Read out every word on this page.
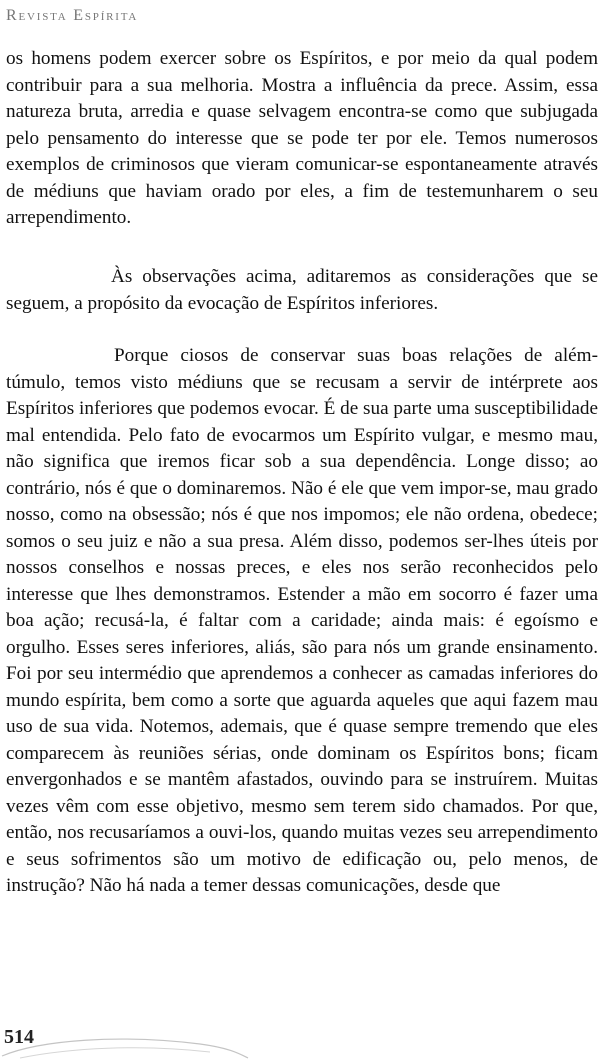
Revista Espírita
os homens podem exercer sobre os Espíritos, e por meio da qual podem contribuir para a sua melhoria. Mostra a influência da prece. Assim, essa natureza bruta, arredia e quase selvagem encontra-se como que subjugada pelo pensamento do interesse que se pode ter por ele. Temos numerosos exemplos de criminosos que vieram comunicar-se espontaneamente através de médiuns que haviam orado por eles, a fim de testemunharem o seu arrependimento.
Às observações acima, aditaremos as considerações que se seguem, a propósito da evocação de Espíritos inferiores.
Porque ciosos de conservar suas boas relações de além-túmulo, temos visto médiuns que se recusam a servir de intérprete aos Espíritos inferiores que podemos evocar. É de sua parte uma susceptibilidade mal entendida. Pelo fato de evocarmos um Espírito vulgar, e mesmo mau, não significa que iremos ficar sob a sua dependência. Longe disso; ao contrário, nós é que o dominaremos. Não é ele que vem impor-se, mau grado nosso, como na obsessão; nós é que nos impomos; ele não ordena, obedece; somos o seu juiz e não a sua presa. Além disso, podemos ser-lhes úteis por nossos conselhos e nossas preces, e eles nos serão reconhecidos pelo interesse que lhes demonstramos. Estender a mão em socorro é fazer uma boa ação; recusá-la, é faltar com a caridade; ainda mais: é egoísmo e orgulho. Esses seres inferiores, aliás, são para nós um grande ensinamento. Foi por seu intermédio que aprendemos a conhecer as camadas inferiores do mundo espírita, bem como a sorte que aguarda aqueles que aqui fazem mau uso de sua vida. Notemos, ademais, que é quase sempre tremendo que eles comparecem às reuniões sérias, onde dominam os Espíritos bons; ficam envergonhados e se mantêm afastados, ouvindo para se instruírem. Muitas vezes vêm com esse objetivo, mesmo sem terem sido chamados. Por que, então, nos recusaríamos a ouvi-los, quando muitas vezes seu arrependimento e seus sofrimentos são um motivo de edificação ou, pelo menos, de instrução? Não há nada a temer dessas comunicações, desde que
514
